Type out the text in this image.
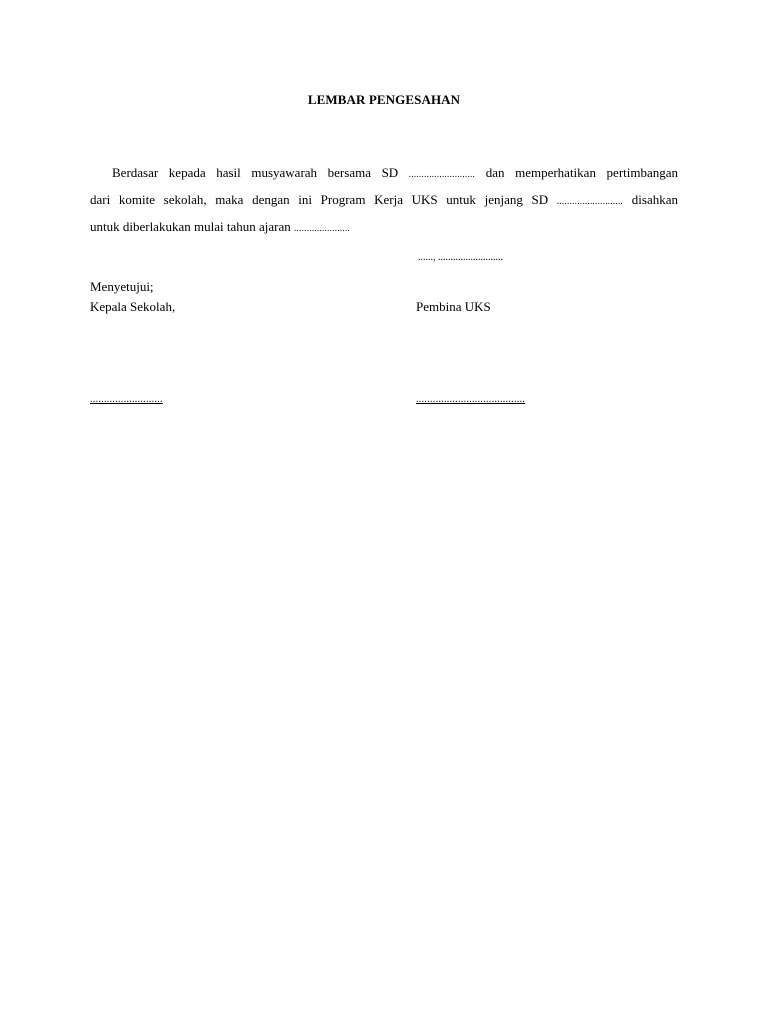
LEMBAR PENGESAHAN
Berdasar kepada hasil musyawarah bersama SD .......................... dan memperhatikan pertimbangan
dari komite sekolah, maka dengan ini Program Kerja UKS untuk jenjang SD .......................... disahkan
untuk diberlakukan mulai tahun ajaran ......................
......, ..........................
Menyetujui;
Kepala Sekolah,	Pembina UKS
..........................	.......................................
